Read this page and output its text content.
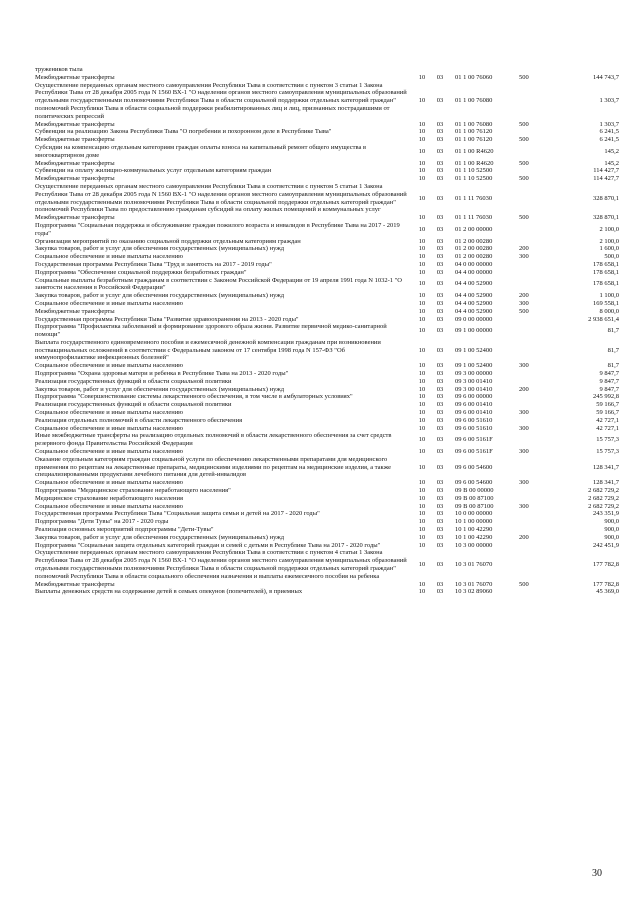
тружеников тыла					
Межбюджетные трансферты	10	03	01 1 00 76060	500	144 743,7
Осуществление переданных органам местного самоуправления Республики Тыва в соответствии с пунктом 3 статьи 1 Закона Республики Тыва от 28 декабря 2005 года N 1560 ВХ-1 "О наделении органов местного самоуправления муниципальных образований отдельными государственными полномочиями Республики Тыва в области социальной поддержки отдельных категорий граждан" полномочий Республики Тыва в области социальной поддержки реабилитированных лиц и лиц, признанных пострадавшими от политических репрессий	10	03	01 1 00 76080		1 303,7
Межбюджетные трансферты	10	03	01 1 00 76080	500	1 303,7
Субвенции на реализацию Закона Республики Тыва "О погребении и похоронном деле в Республике Тыва"	10	03	01 1 00 76120		6 241,5
Межбюджетные трансферты	10	03	01 1 00 76120	500	6 241,5
Субсидии на компенсацию отдельным категориям граждан оплаты взноса на капитальный ремонт общего имущества в многоквартирном доме	10	03	01 1 00 R4620		145,2
Межбюджетные трансферты	10	03	01 1 00 R4620	500	145,2
Субвенции на оплату жилищно-коммунальных услуг отдельным категориям граждан	10	03	01 1 10 52500		114 427,7
Межбюджетные трансферты	10	03	01 1 10 52500	500	114 427,7
Осуществление переданных органам местного самоуправления Республики Тыва в соответствии с пунктом 5 статьи 1 Закона Республики Тыва от 28 декабря 2005 года N 1560 ВХ-1 "О наделении органов местного самоуправления муниципальных образований отдельными государственными полномочиями Республики Тыва в области социальной поддержки отдельных категорий граждан" полномочий Республики Тыва по предоставлению гражданам субсидий на оплату жилых помещений и коммунальных услуг	10	03	01 1 11 76030		328 870,1
Межбюджетные трансферты	10	03	01 1 11 76030	500	328 870,1
Подпрограмма "Социальная поддержка и обслуживание граждан пожилого возраста и инвалидов в Республике Тыва на 2017 - 2019 годы"	10	03	01 2 00 00000		2 100,0
Организация мероприятий по оказанию социальной поддержки отдельным категориям граждан	10	03	01 2 00 00280		2 100,0
Закупка товаров, работ и услуг для обеспечения государственных (муниципальных) нужд	10	03	01 2 00 00280	200	1 600,0
Социальное обеспечение и иные выплаты населению	10	03	01 2 00 00280	300	500,0
Государственная программа Республики Тыва "Труд и занятость на 2017 - 2019 годы"	10	03	04 0 00 00000		178 658,1
Подпрограмма "Обеспечение социальной поддержки безработных граждан"	10	03	04 4 00 00000		178 658,1
Социальные выплаты безработным гражданам в соответствии с Законом Российской Федерации от 19 апреля 1991 года N 1032-1 "О занятости населения в Российской Федерации"	10	03	04 4 00 52900		178 658,1
Закупка товаров, работ и услуг для обеспечения государственных (муниципальных) нужд	10	03	04 4 00 52900	200	1 100,0
Социальное обеспечение и иные выплаты населению	10	03	04 4 00 52900	300	169 558,1
Межбюджетные трансферты	10	03	04 4 00 52900	500	8 000,0
Государственная программа Республики Тыва "Развитие здравоохранения на 2013 - 2020 годы"	10	03	09 0 00 00000		2 938 651,4
Подпрограмма "Профилактика заболеваний и формирование здорового образа жизни. Развитие первичной медико-санитарной помощи"	10	03	09 1 00 00000		81,7
Выплата государственного единовременного пособия и ежемесячной денежной компенсации гражданам при возникновении поствакцинальных осложнений в соответствии с Федеральным законом от 17 сентября 1998 года N 157-ФЗ "Об иммунопрофилактике инфекционных болезней"	10	03	09 1 00 52400		81,7
Социальное обеспечение и иные выплаты населению	10	03	09 1 00 52400	300	81,7
Подпрограмма "Охрана здоровья матери и ребенка в Республике Тыва на 2013 - 2020 годы"	10	03	09 3 00 00000		9 847,7
Реализация государственных функций в области социальной политики	10	03	09 3 00 01410		9 847,7
Закупка товаров, работ и услуг для обеспечения государственных (муниципальных) нужд	10	03	09 3 00 01410	200	9 847,7
Подпрограмма "Совершенствование системы лекарственного обеспечения, в том числе в амбулаторных условиях"	10	03	09 6 00 00000		245 992,8
Реализация государственных функций в области социальной политики	10	03	09 6 00 01410		59 166,7
Социальное обеспечение и иные выплаты населению	10	03	09 6 00 01410	300	59 166,7
Реализация отдельных полномочий в области лекарственного обеспечения	10	03	09 6 00 51610		42 727,1
Социальное обеспечение и иные выплаты населению	10	03	09 6 00 51610	300	42 727,1
Иные межбюджетные трансферты на реализацию отдельных полномочий в области лекарственного обеспечения за счет средств резервного фонда Правительства Российской Федерации	10	03	09 6 00 5161F		15 757,3
Социальное обеспечение и иные выплаты населению	10	03	09 6 00 5161F	300	15 757,3
Оказание отдельным категориям граждан социальной услуги по обеспечению лекарственными препаратами для медицинского применения по рецептам на лекарственные препараты, медицинскими изделиями по рецептам на медицинские изделия, а также специализированными продуктами лечебного питания для детей-инвалидов	10	03	09 6 00 54600		128 341,7
Социальное обеспечение и иные выплаты населению	10	03	09 6 00 54600	300	128 341,7
Подпрограмма "Медицинское страхование неработающего населения"	10	03	09 В 00 00000		2 682 729,2
Медицинское страхование неработающего населения	10	03	09 В 00 87100		2 682 729,2
Социальное обеспечение и иные выплаты населению	10	03	09 В 00 87100	300	2 682 729,2
Государственная программа Республики Тыва "Социальная защита семьи и детей на 2017 - 2020 годы"	10	03	10 0 00 00000		243 351,9
Подпрограмма "Дети Тувы" на 2017 - 2020 годы	10	03	10 1 00 00000		900,0
Реализация основных мероприятий подпрограммы "Дети-Тувы"	10	03	10 1 00 42290		900,0
Закупка товаров, работ и услуг для обеспечения государственных (муниципальных) нужд	10	03	10 1 00 42290	200	900,0
Подпрограмма "Социальная защита отдельных категорий граждан и семей с детьми в Республике Тыва на 2017 - 2020 годы"	10	03	10 3 00 00000		242 451,9
Осуществление переданных органам местного самоуправления Республики Тыва в соответствии с пунктом 4 статьи 1 Закона Республики Тыва от 28 декабря 2005 года N 1560 ВХ-1 "О наделении органов местного самоуправления муниципальных образований отдельными государственными полномочиями Республики Тыва в области социальной поддержки отдельных категорий граждан" полномочий Республики Тыва в области социального обеспечения назначения и выплаты ежемесячного пособия на ребенка	10	03	10 3 01 76070		177 782,8
Межбюджетные трансферты	10	03	10 3 01 76070	500	177 782,8
Выплаты денежных средств на содержание детей в семьях опекунов (попечителей), в приемных	10	03	10 3 02 89060		45 369,0
30
